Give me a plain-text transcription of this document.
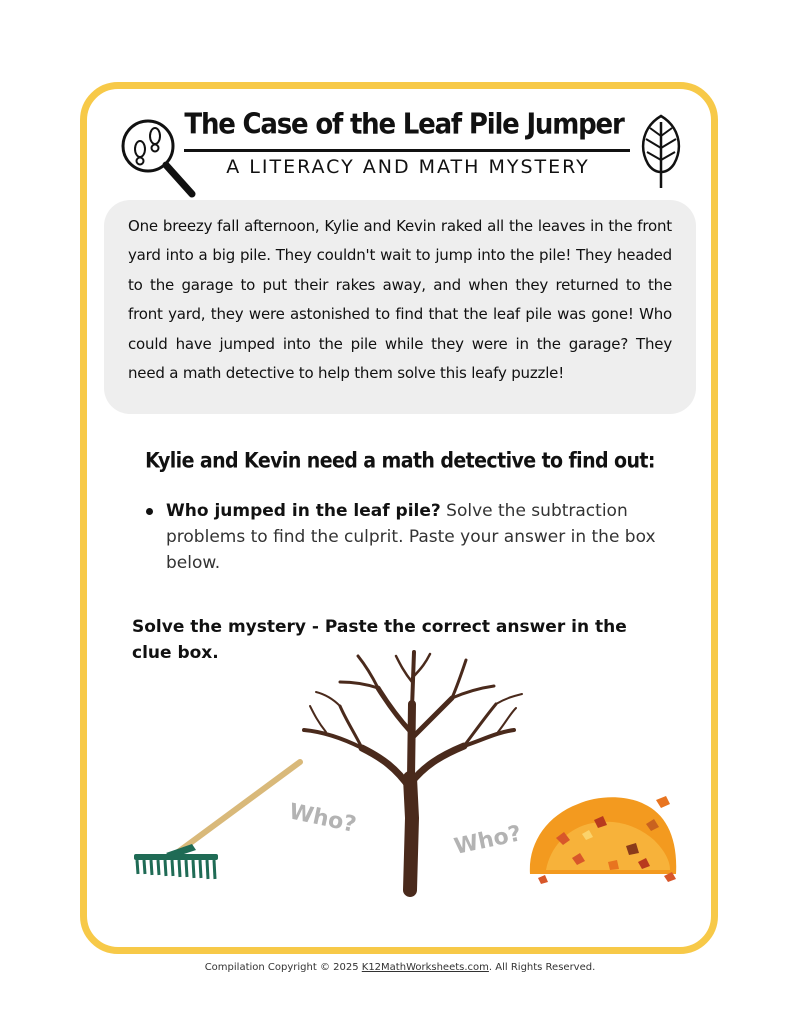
The Case of the Leaf Pile Jumper
A LITERACY AND MATH MYSTERY
One breezy fall afternoon, Kylie and Kevin raked all the leaves in the front yard into a big pile. They couldn't wait to jump into the pile! They headed to the garage to put their rakes away, and when they returned to the front yard, they were astonished to find that the leaf pile was gone! Who could have jumped into the pile while they were in the garage? They need a math detective to help them solve this leafy puzzle!
Kylie and Kevin need a math detective to find out:
Who jumped in the leaf pile? Solve the subtraction problems to find the culprit. Paste your answer in the box below.
Solve the mystery - Paste the correct answer in the clue box.
Who?
Who?
Compilation Copyright © 2025 K12MathWorksheets.com. All Rights Reserved.
